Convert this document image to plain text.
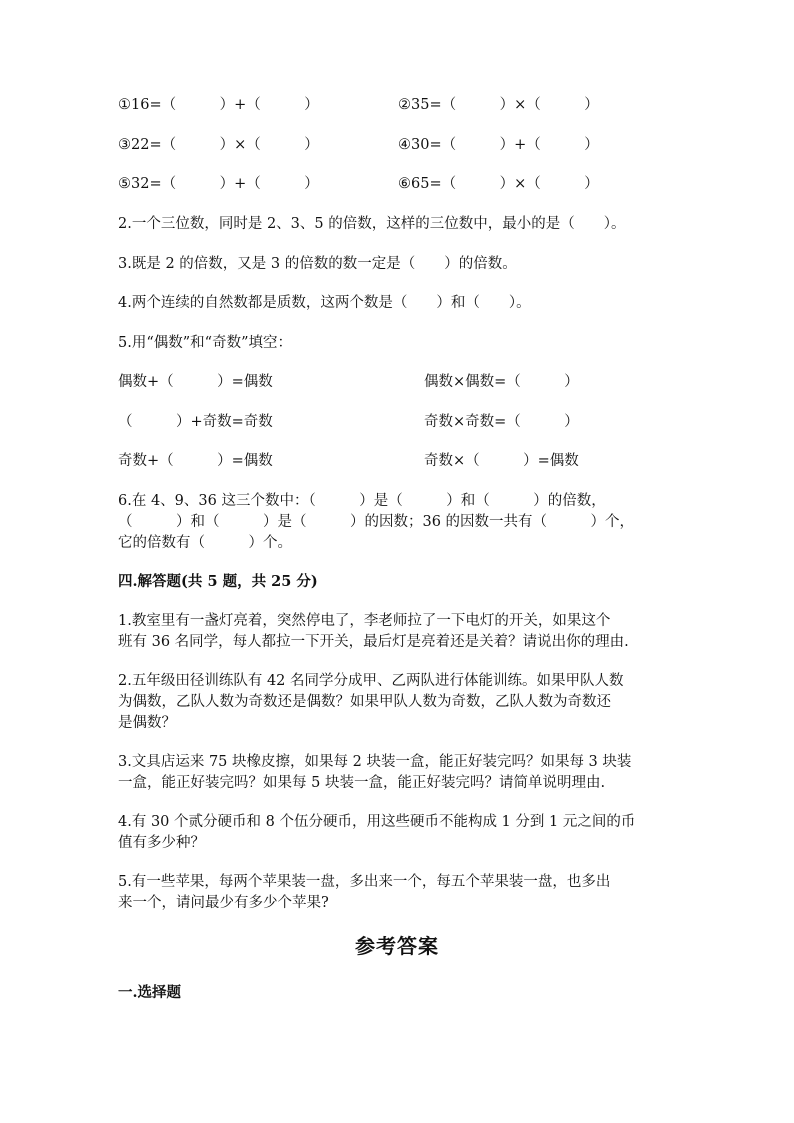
①16=（　　　）+（　　　）	②35=（　　　）×（　　　）
③22=（　　　）×（　　　）	④30=（　　　）+（　　　）
⑤32=（　　　）+（　　　）	⑥65=（　　　）×（　　　）
2.一个三位数，同时是 2、3、5 的倍数，这样的三位数中，最小的是（　　）。
3.既是 2 的倍数，又是 3 的倍数的数一定是（　　）的倍数。
4.两个连续的自然数都是质数，这两个数是（　　）和（　　）。
5.用“偶数”和“奇数”填空：
偶数+（　　　）=偶数	偶数×偶数=（　　　）
（　　　）+奇数=奇数	奇数×奇数=（　　　）
奇数+（　　　）=偶数	奇数×（　　　）=偶数
6.在 4、9、36 这三个数中：（　　　）是（　　　）和（　　　）的倍数，
（　　　）和（　　　）是（　　　）的因数；36 的因数一共有（　　　）个，
它的倍数有（　　　）个。
四.解答题(共 5 题，共 25 分)
1.教室里有一盏灯亮着，突然停电了，李老师拉了一下电灯的开关，如果这个
班有 36 名同学，每人都拉一下开关，最后灯是亮着还是关着？请说出你的理由.
2.五年级田径训练队有 42 名同学分成甲、乙两队进行体能训练。如果甲队人数
为偶数，乙队人数为奇数还是偶数？如果甲队人数为奇数，乙队人数为奇数还
是偶数？
3.文具店运来 75 块橡皮擦，如果每 2 块装一盒，能正好装完吗？如果每 3 块装
一盒，能正好装完吗？如果每 5 块装一盒，能正好装完吗？请简单说明理由.
4.有 30 个贰分硬币和 8 个伍分硬币，用这些硬币不能构成 1 分到 1 元之间的币
值有多少种？
5.有一些苹果，每两个苹果装一盘，多出来一个，每五个苹果装一盘，也多出
来一个，请问最少有多少个苹果?
参考答案
一.选择题
